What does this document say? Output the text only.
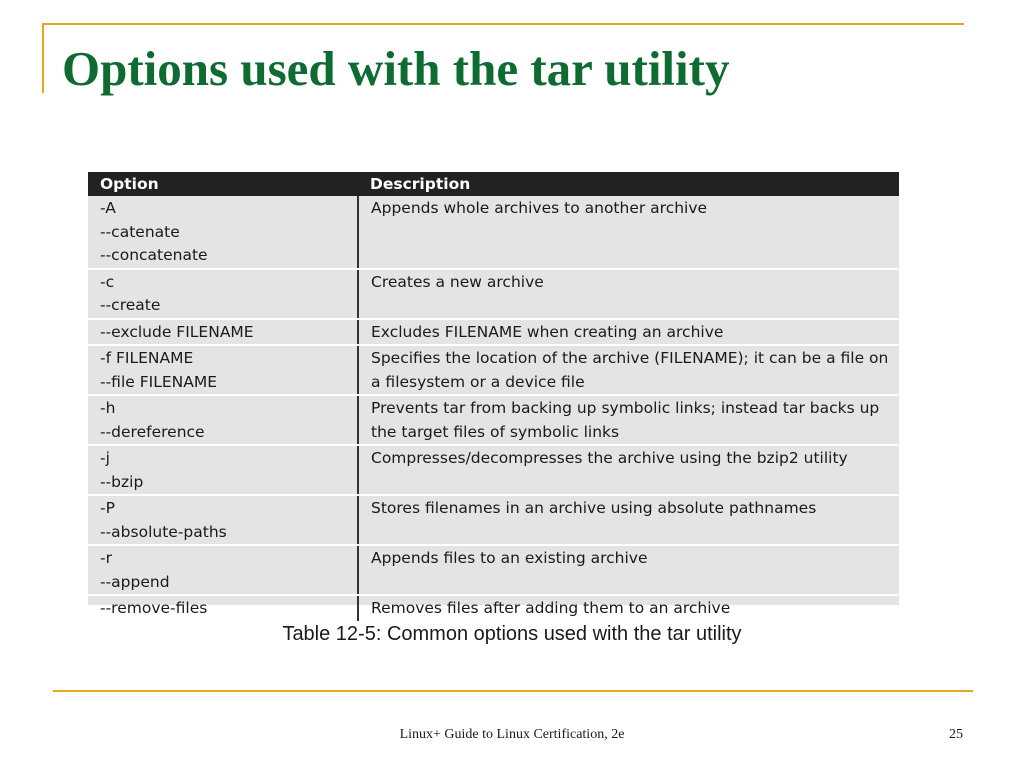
Options used with the tar utility
Option	Description

-A
--catenate
--concatenate	Appends whole archives to another archive

-c
--create	Creates a new archive

--exclude FILENAME	Excludes FILENAME when creating an archive

-f FILENAME
--file FILENAME	Specifies the location of the archive (FILENAME); it can be a file on a filesystem or a device file

-h
--dereference	Prevents tar from backing up symbolic links; instead tar backs up the target files of symbolic links

-j
--bzip	Compresses/decompresses the archive using the bzip2 utility

-P
--absolute-paths	Stores filenames in an archive using absolute pathnames

-r
--append	Appends files to an existing archive

--remove-files	Removes files after adding them to an archive
Table 12-5: Common options used with the tar utility
Linux+ Guide to Linux Certification, 2e	25
